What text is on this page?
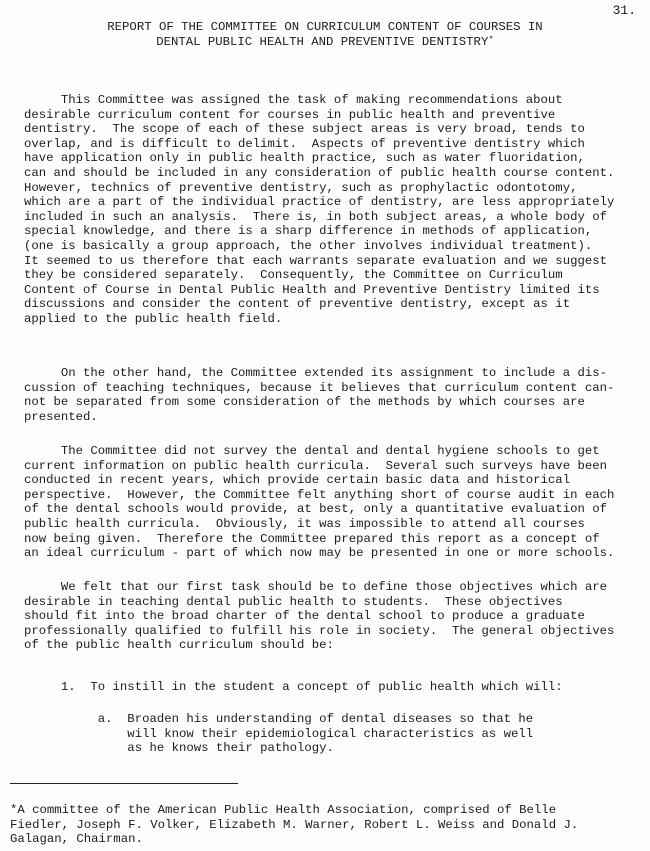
31.
REPORT OF THE COMMITTEE ON CURRICULUM CONTENT OF COURSES IN
DENTAL PUBLIC HEALTH AND PREVENTIVE DENTISTRY*
This Committee was assigned the task of making recommendations about
desirable curriculum content for courses in public health and preventive
dentistry.  The scope of each of these subject areas is very broad, tends to
overlap, and is difficult to delimit.  Aspects of preventive dentistry which
have application only in public health practice, such as water fluoridation,
can and should be included in any consideration of public health course content.
However, technics of preventive dentistry, such as prophylactic odontotomy,
which are a part of the individual practice of dentistry, are less appropriately
included in such an analysis.  There is, in both subject areas, a whole body of
special knowledge, and there is a sharp difference in methods of application,
(one is basically a group approach, the other involves individual treatment).
It seemed to us therefore that each warrants separate evaluation and we suggest
they be considered separately.  Consequently, the Committee on Curriculum
Content of Course in Dental Public Health and Preventive Dentistry limited its
discussions and consider the content of preventive dentistry, except as it
applied to the public health field.
On the other hand, the Committee extended its assignment to include a dis-
cussion of teaching techniques, because it believes that curriculum content can-
not be separated from some consideration of the methods by which courses are
presented.
The Committee did not survey the dental and dental hygiene schools to get
current information on public health curricula.  Several such surveys have been
conducted in recent years, which provide certain basic data and historical
perspective.  However, the Committee felt anything short of course audit in each
of the dental schools would provide, at best, only a quantitative evaluation of
public health curricula.  Obviously, it was impossible to attend all courses
now being given.  Therefore the Committee prepared this report as a concept of
an ideal curriculum - part of which now may be presented in one or more schools.
We felt that our first task should be to define those objectives which are
desirable in teaching dental public health to students.  These objectives
should fit into the broad charter of the dental school to produce a graduate
professionally qualified to fulfill his role in society.  The general objectives
of the public health curriculum should be:
1.  To instill in the student a concept of public health which will:
a.  Broaden his understanding of dental diseases so that he
will know their epidemiological characteristics as well
as he knows their pathology.
*A committee of the American Public Health Association, comprised of Belle
Fiedler, Joseph F. Volker, Elizabeth M. Warner, Robert L. Weiss and Donald J.
Galagan, Chairman.
